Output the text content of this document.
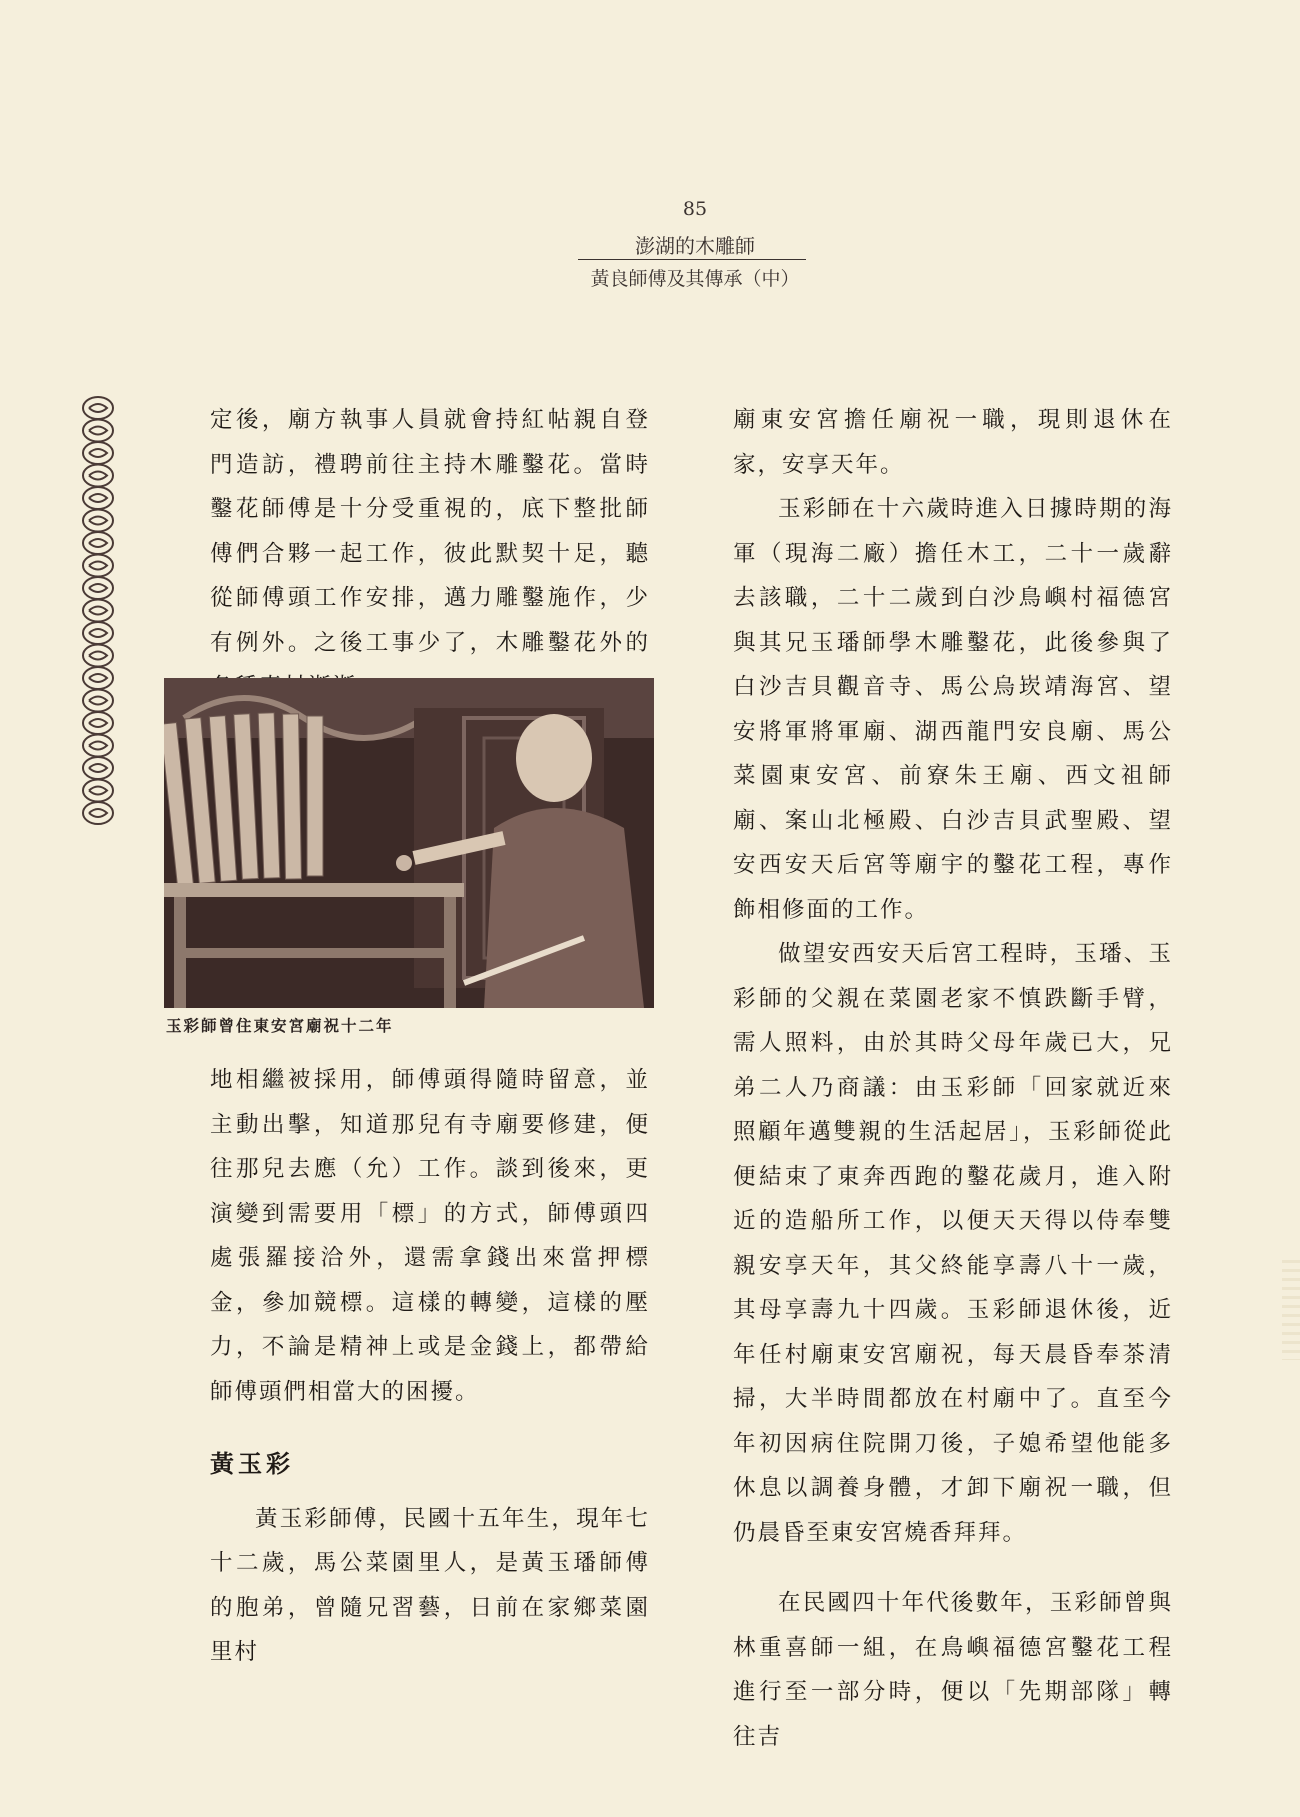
85
澎湖的木雕師
黃良師傅及其傳承（中）

定後，廟方執事人員就會持紅帖親自登門造訪，禮聘前往主持木雕鑿花。當時鑿花師傅是十分受重視的，底下整批師傅們合夥一起工作，彼此默契十足，聽從師傅頭工作安排，邁力雕鑿施作，少有例外。之後工事少了，木雕鑿花外的

玉彩師曾住東安宮廟祝十二年

地相繼被採用，師傅頭得隨時留意，並主動出擊，知道那兒有寺廟要修建，便往那兒去應（允）工作。談到後來，更演變到需要用「標」的方式，師傅頭四處張羅接洽外，還需拿錢出來當押標金，參加競標。這樣的轉變，這樣的壓力，不論是精神上或是金錢上，都帶給師傅頭們相當大的困擾。

黃玉彩

黃玉彩師傅，民國十五年生，現年七十二歲，馬公菜園里人，是黃玉璠師傅的胞弟，曾隨兄習藝，日前在家鄉菜園里村

廟東安宮擔任廟祝一職，現則退休在家，安享天年。

玉彩師在十六歲時進入日據時期的海軍（現海二廠）擔任木工，二十一歲辭去該職，二十二歲到白沙鳥嶼村福德宮與其兄玉璠師學木雕鑿花，此後參與了白沙吉貝觀音寺、馬公烏崁靖海宮、望安將軍將軍廟、湖西龍門安良廟、馬公菜園東安宮、前寮朱王廟、西文祖師廟、案山北極殿、白沙吉貝武聖殿、望安西安天后宮等廟宇的鑿花工程，專作飾相修面的工作。

做望安西安天后宮工程時，玉璠、玉彩師的父親在菜園老家不慎跌斷手臂，需人照料，由於其時父母年歲已大，兄弟二人乃商議：由玉彩師「回家就近來照顧年邁雙親的生活起居」，玉彩師從此便結束了東奔西跑的鑿花歲月，進入附近的造船所工作，以便天天得以侍奉雙親安享天年，其父終能享壽八十一歲，其母享壽九十四歲。玉彩師退休後，近年任村廟東安宮廟祝，每天晨昏奉茶清掃，大半時間都放在村廟中了。直至今年初因病住院開刀後，子媳希望他能多休息以調養身體，才卸下廟祝一職，但仍晨昏至東安宮燒香拜拜。

在民國四十年代後數年，玉彩師曾與林重喜師一組，在鳥嶼福德宮鑿花工程進行至一部分時，便以「先期部隊」轉往吉
